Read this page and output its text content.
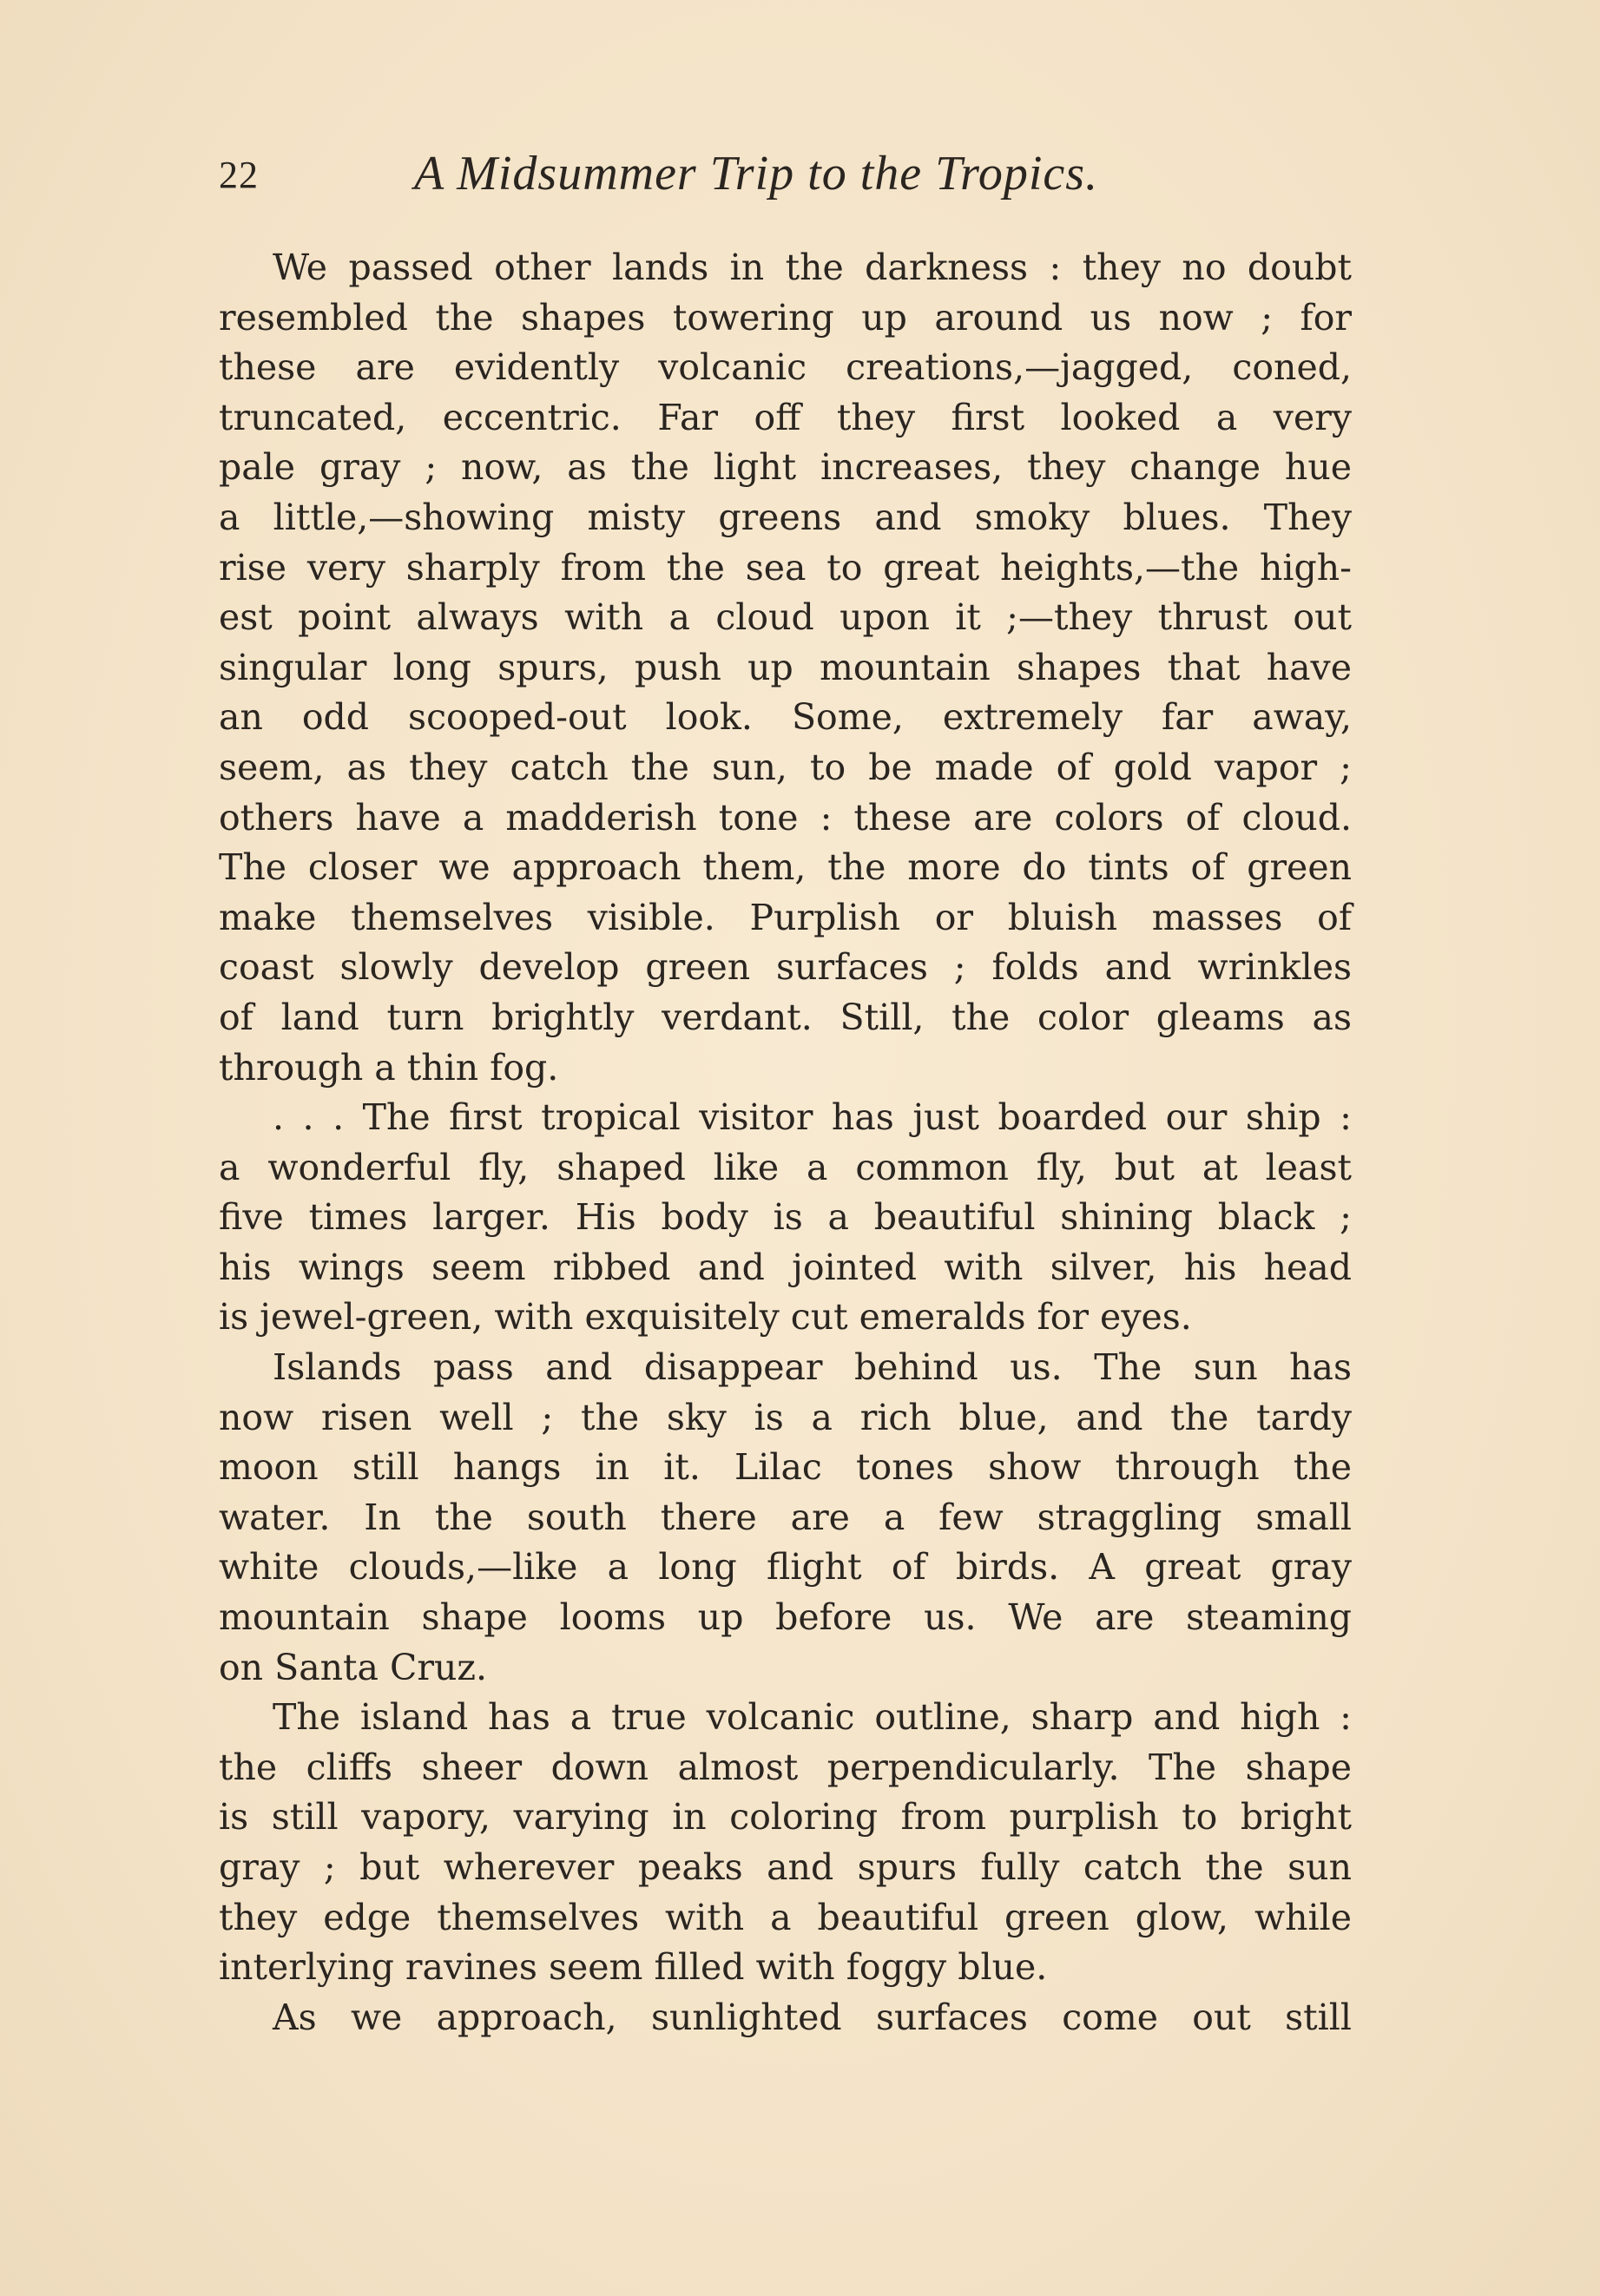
22	A Midsummer Trip to the Tropics.
We passed other lands in the darkness : they no doubt
resembled the shapes towering up around us now ; for
these are evidently volcanic creations,—jagged, coned,
truncated, eccentric. Far off they first looked a very
pale gray ; now, as the light increases, they change hue
a little,—showing misty greens and smoky blues. They
rise very sharply from the sea to great heights,—the high-
est point always with a cloud upon it ;—they thrust out
singular long spurs, push up mountain shapes that have
an odd scooped-out look. Some, extremely far away,
seem, as they catch the sun, to be made of gold vapor ;
others have a madderish tone : these are colors of cloud.
The closer we approach them, the more do tints of green
make themselves visible. Purplish or bluish masses of
coast slowly develop green surfaces ; folds and wrinkles
of land turn brightly verdant. Still, the color gleams as
through a thin fog.
. . . The first tropical visitor has just boarded our ship :
a wonderful fly, shaped like a common fly, but at least
five times larger. His body is a beautiful shining black ;
his wings seem ribbed and jointed with silver, his head
is jewel-green, with exquisitely cut emeralds for eyes.
Islands pass and disappear behind us. The sun has
now risen well ; the sky is a rich blue, and the tardy
moon still hangs in it. Lilac tones show through the
water. In the south there are a few straggling small
white clouds,—like a long flight of birds. A great gray
mountain shape looms up before us. We are steaming
on Santa Cruz.
The island has a true volcanic outline, sharp and high :
the cliffs sheer down almost perpendicularly. The shape
is still vapory, varying in coloring from purplish to bright
gray ; but wherever peaks and spurs fully catch the sun
they edge themselves with a beautiful green glow, while
interlying ravines seem filled with foggy blue.
As we approach, sunlighted surfaces come out still
